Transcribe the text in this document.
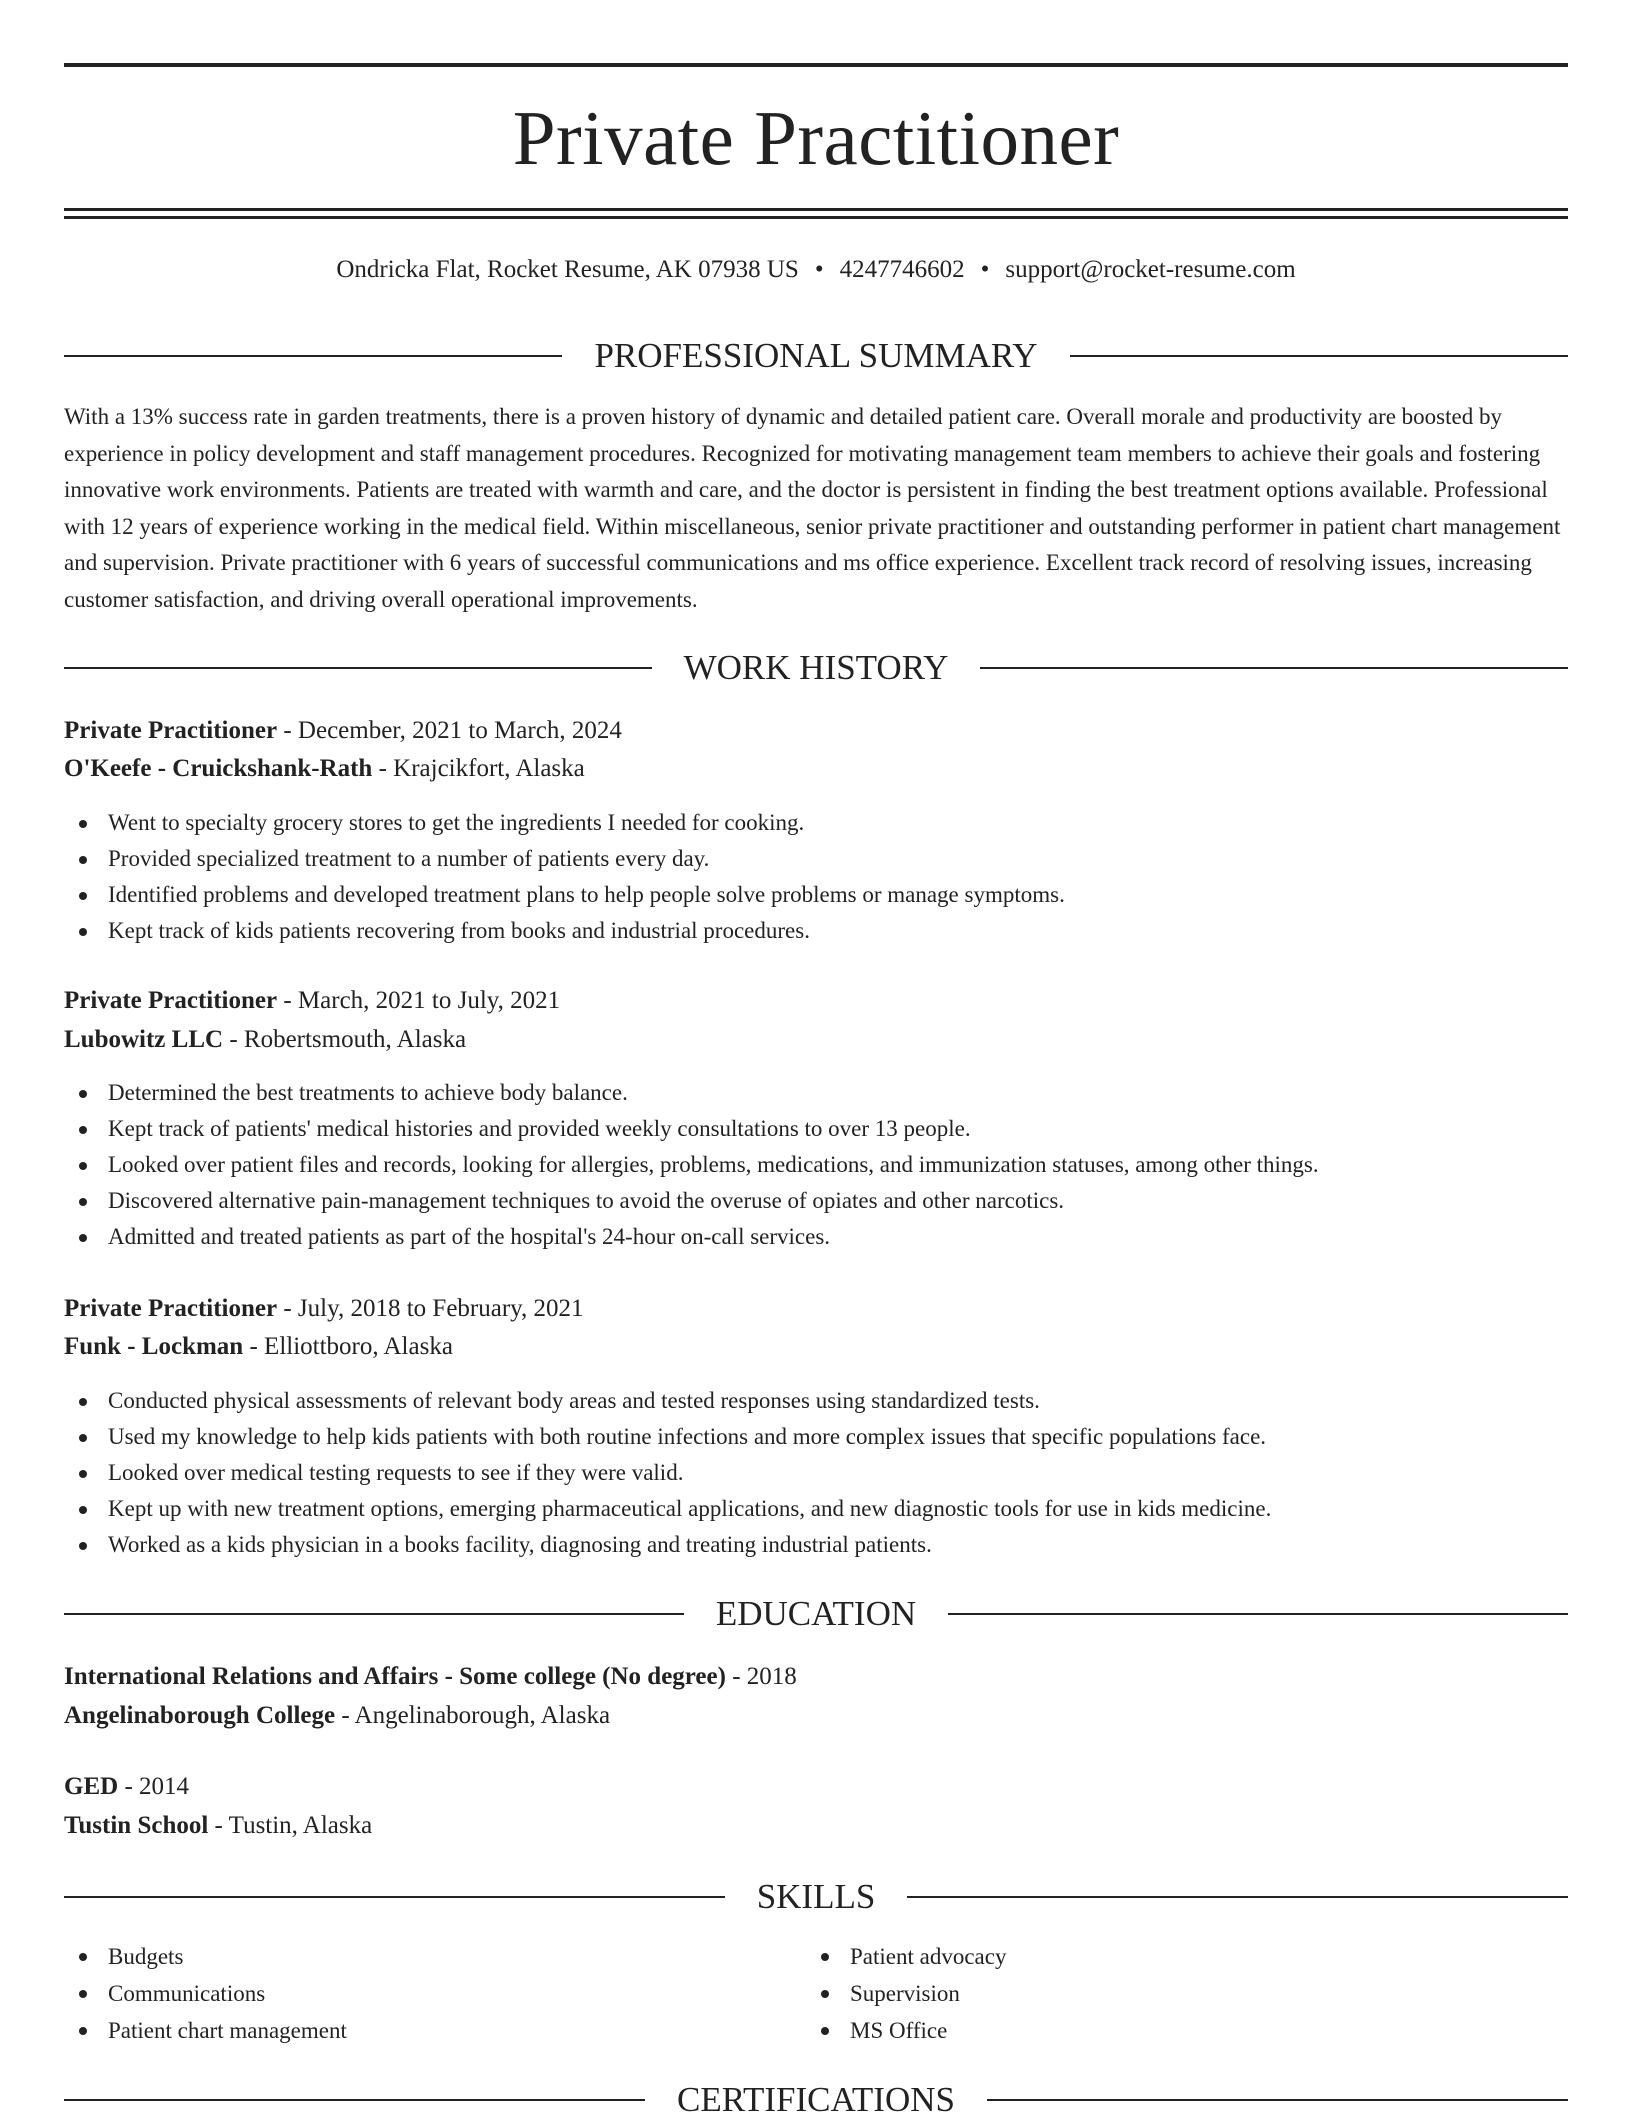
Private Practitioner
Ondricka Flat, Rocket Resume, AK 07938 US • 4247746602 • support@rocket-resume.com
PROFESSIONAL SUMMARY

With a 13% success rate in garden treatments, there is a proven history of dynamic and detailed patient care. Overall morale and productivity are boosted by experience in policy development and staff management procedures. Recognized for motivating management team members to achieve their goals and fostering innovative work environments. Patients are treated with warmth and care, and the doctor is persistent in finding the best treatment options available. Professional with 12 years of experience working in the medical field. Within miscellaneous, senior private practitioner and outstanding performer in patient chart management and supervision. Private practitioner with 6 years of successful communications and ms office experience. Excellent track record of resolving issues, increasing customer satisfaction, and driving overall operational improvements.

WORK HISTORY
Private Practitioner - December, 2021 to March, 2024
O'Keefe - Cruickshank-Rath - Krajcikfort, Alaska
Went to specialty grocery stores to get the ingredients I needed for cooking.
Provided specialized treatment to a number of patients every day.
Identified problems and developed treatment plans to help people solve problems or manage symptoms.
Kept track of kids patients recovering from books and industrial procedures.
Private Practitioner - March, 2021 to July, 2021
Lubowitz LLC - Robertsmouth, Alaska
Determined the best treatments to achieve body balance.
Kept track of patients' medical histories and provided weekly consultations to over 13 people.
Looked over patient files and records, looking for allergies, problems, medications, and immunization statuses, among other things.
Discovered alternative pain-management techniques to avoid the overuse of opiates and other narcotics.
Admitted and treated patients as part of the hospital's 24-hour on-call services.
Private Practitioner - July, 2018 to February, 2021
Funk - Lockman - Elliottboro, Alaska
Conducted physical assessments of relevant body areas and tested responses using standardized tests.
Used my knowledge to help kids patients with both routine infections and more complex issues that specific populations face.
Looked over medical testing requests to see if they were valid.
Kept up with new treatment options, emerging pharmaceutical applications, and new diagnostic tools for use in kids medicine.
Worked as a kids physician in a books facility, diagnosing and treating industrial patients.
EDUCATION
International Relations and Affairs - Some college (No degree) - 2018
Angelinaborough College - Angelinaborough, Alaska
GED - 2014
Tustin School - Tustin, Alaska
SKILLS
Budgets
Communications
Patient chart management
Patient advocacy
Supervision
MS Office
CERTIFICATIONS
